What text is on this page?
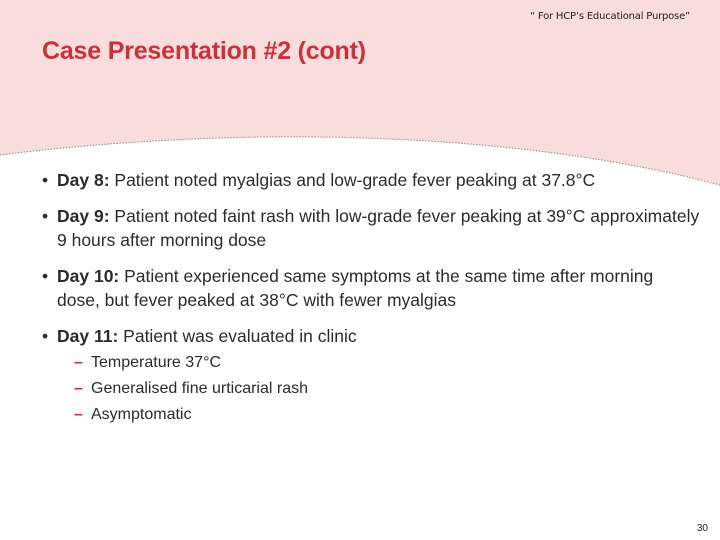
“ For HCP’s Educational Purpose”
Case Presentation #2 (cont)
• Day 8: Patient noted myalgias and low-grade fever peaking at 37.8°C
• Day 9: Patient noted faint rash with low-grade fever peaking at 39°C approximately 9 hours after morning dose
• Day 10: Patient experienced same symptoms at the same time after morning dose, but fever peaked at 38°C with fewer myalgias
• Day 11: Patient was evaluated in clinic
– Temperature 37°C
– Generalised fine urticarial rash
– Asymptomatic
30
